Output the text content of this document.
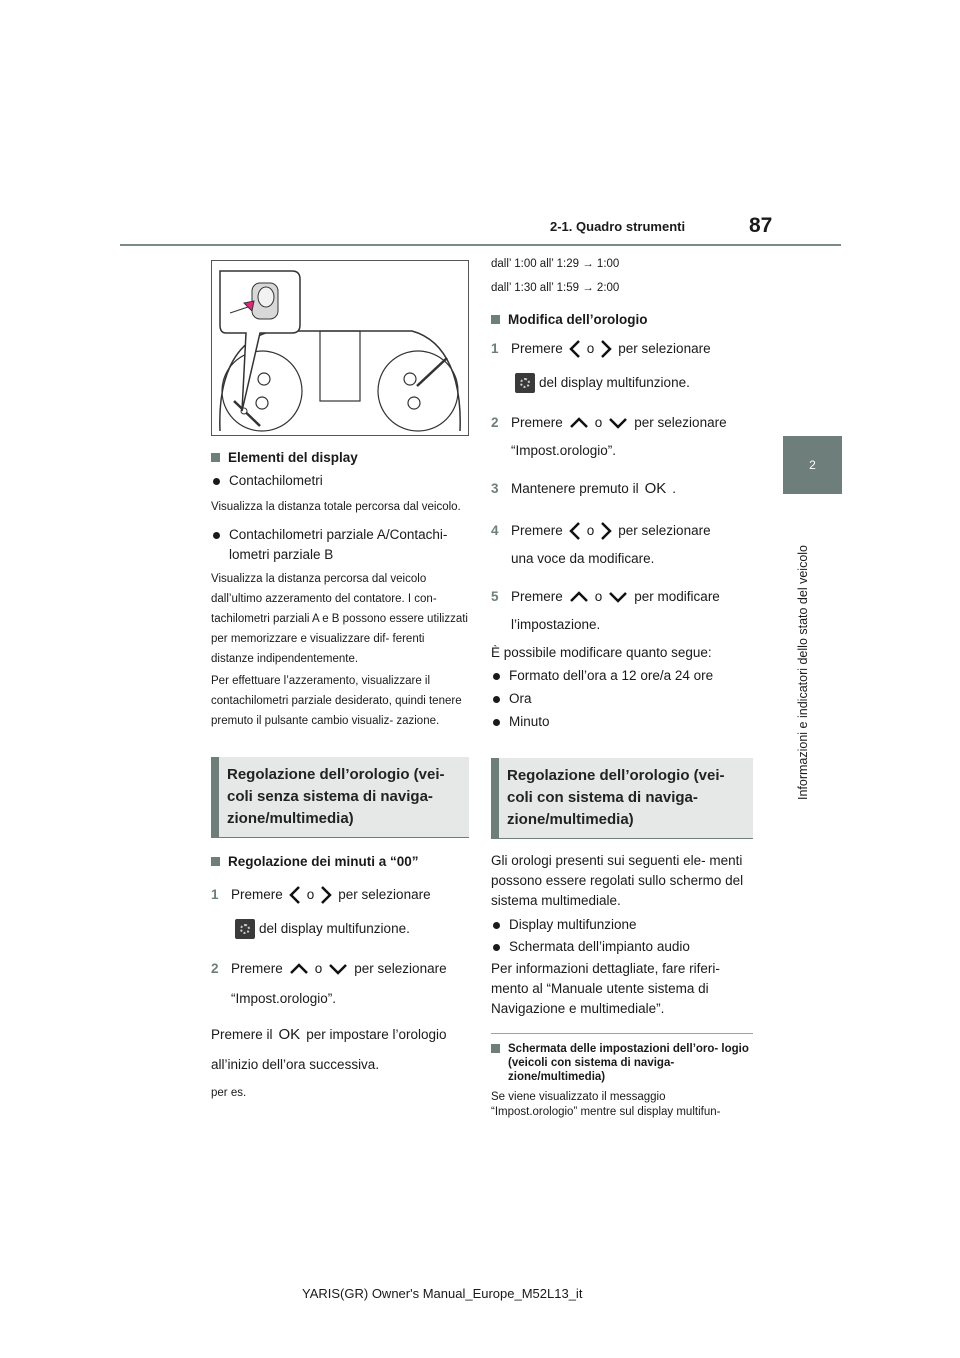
2-1. Quadro strumenti	87
2
Informazioni e indicatori dello stato del veicolo

Elementi del display

Contachilometri

Visualizza la distanza totale percorsa dal veicolo.

Contachilometri parziale A/Contachi- lometri parziale B

Visualizza la distanza percorsa dal veicolo dall’ultimo azzeramento del contatore. I con- tachilometri parziali A e B possono essere utilizzati per memorizzare e visualizzare dif- ferenti distanze indipendentemente.

Per effettuare l’azzeramento, visualizzare il contachilometri parziale desiderato, quindi tenere premuto il pulsante cambio visualiz- zazione.

Regolazione dell’orologio (vei- coli senza sistema di naviga- zione/multimedia)

Regolazione dei minuti a “00”

1 Premere o per selezionare

del display multifunzione.

2 Premere o per selezionare

“Impost.orologio”.

Premere il OK per impostare l’orologio

all’inizio dell’ora successiva.

per es.

dall’ 1:00 all’ 1:29 → 1:00

dall’ 1:30 all’ 1:59 → 2:00

Modifica dell’orologio

1 Premere o per selezionare

del display multifunzione.

2 Premere o per selezionare

“Impost.orologio”.

3 Mantenere premuto il OK .

4 Premere o per selezionare

una voce da modificare.

5 Premere o per modificare

l’impostazione.

È possibile modificare quanto segue:

Formato dell’ora a 12 ore/a 24 ore

Ora

Minuto

Regolazione dell’orologio (vei- coli con sistema di naviga- zione/multimedia)

Gli orologi presenti sui seguenti ele- menti possono essere regolati sullo schermo del sistema multimediale.

Display multifunzione

Schermata dell’impianto audio

Per informazioni dettagliate, fare riferi- mento al “Manuale utente sistema di Navigazione e multimediale”.

Schermata delle impostazioni dell’oro- logio (veicoli con sistema di naviga- zione/multimedia)

Se viene visualizzato il messaggio “Impost.orologio” mentre sul display multifun-

YARIS(GR) Owner's Manual_Europe_M52L13_it
